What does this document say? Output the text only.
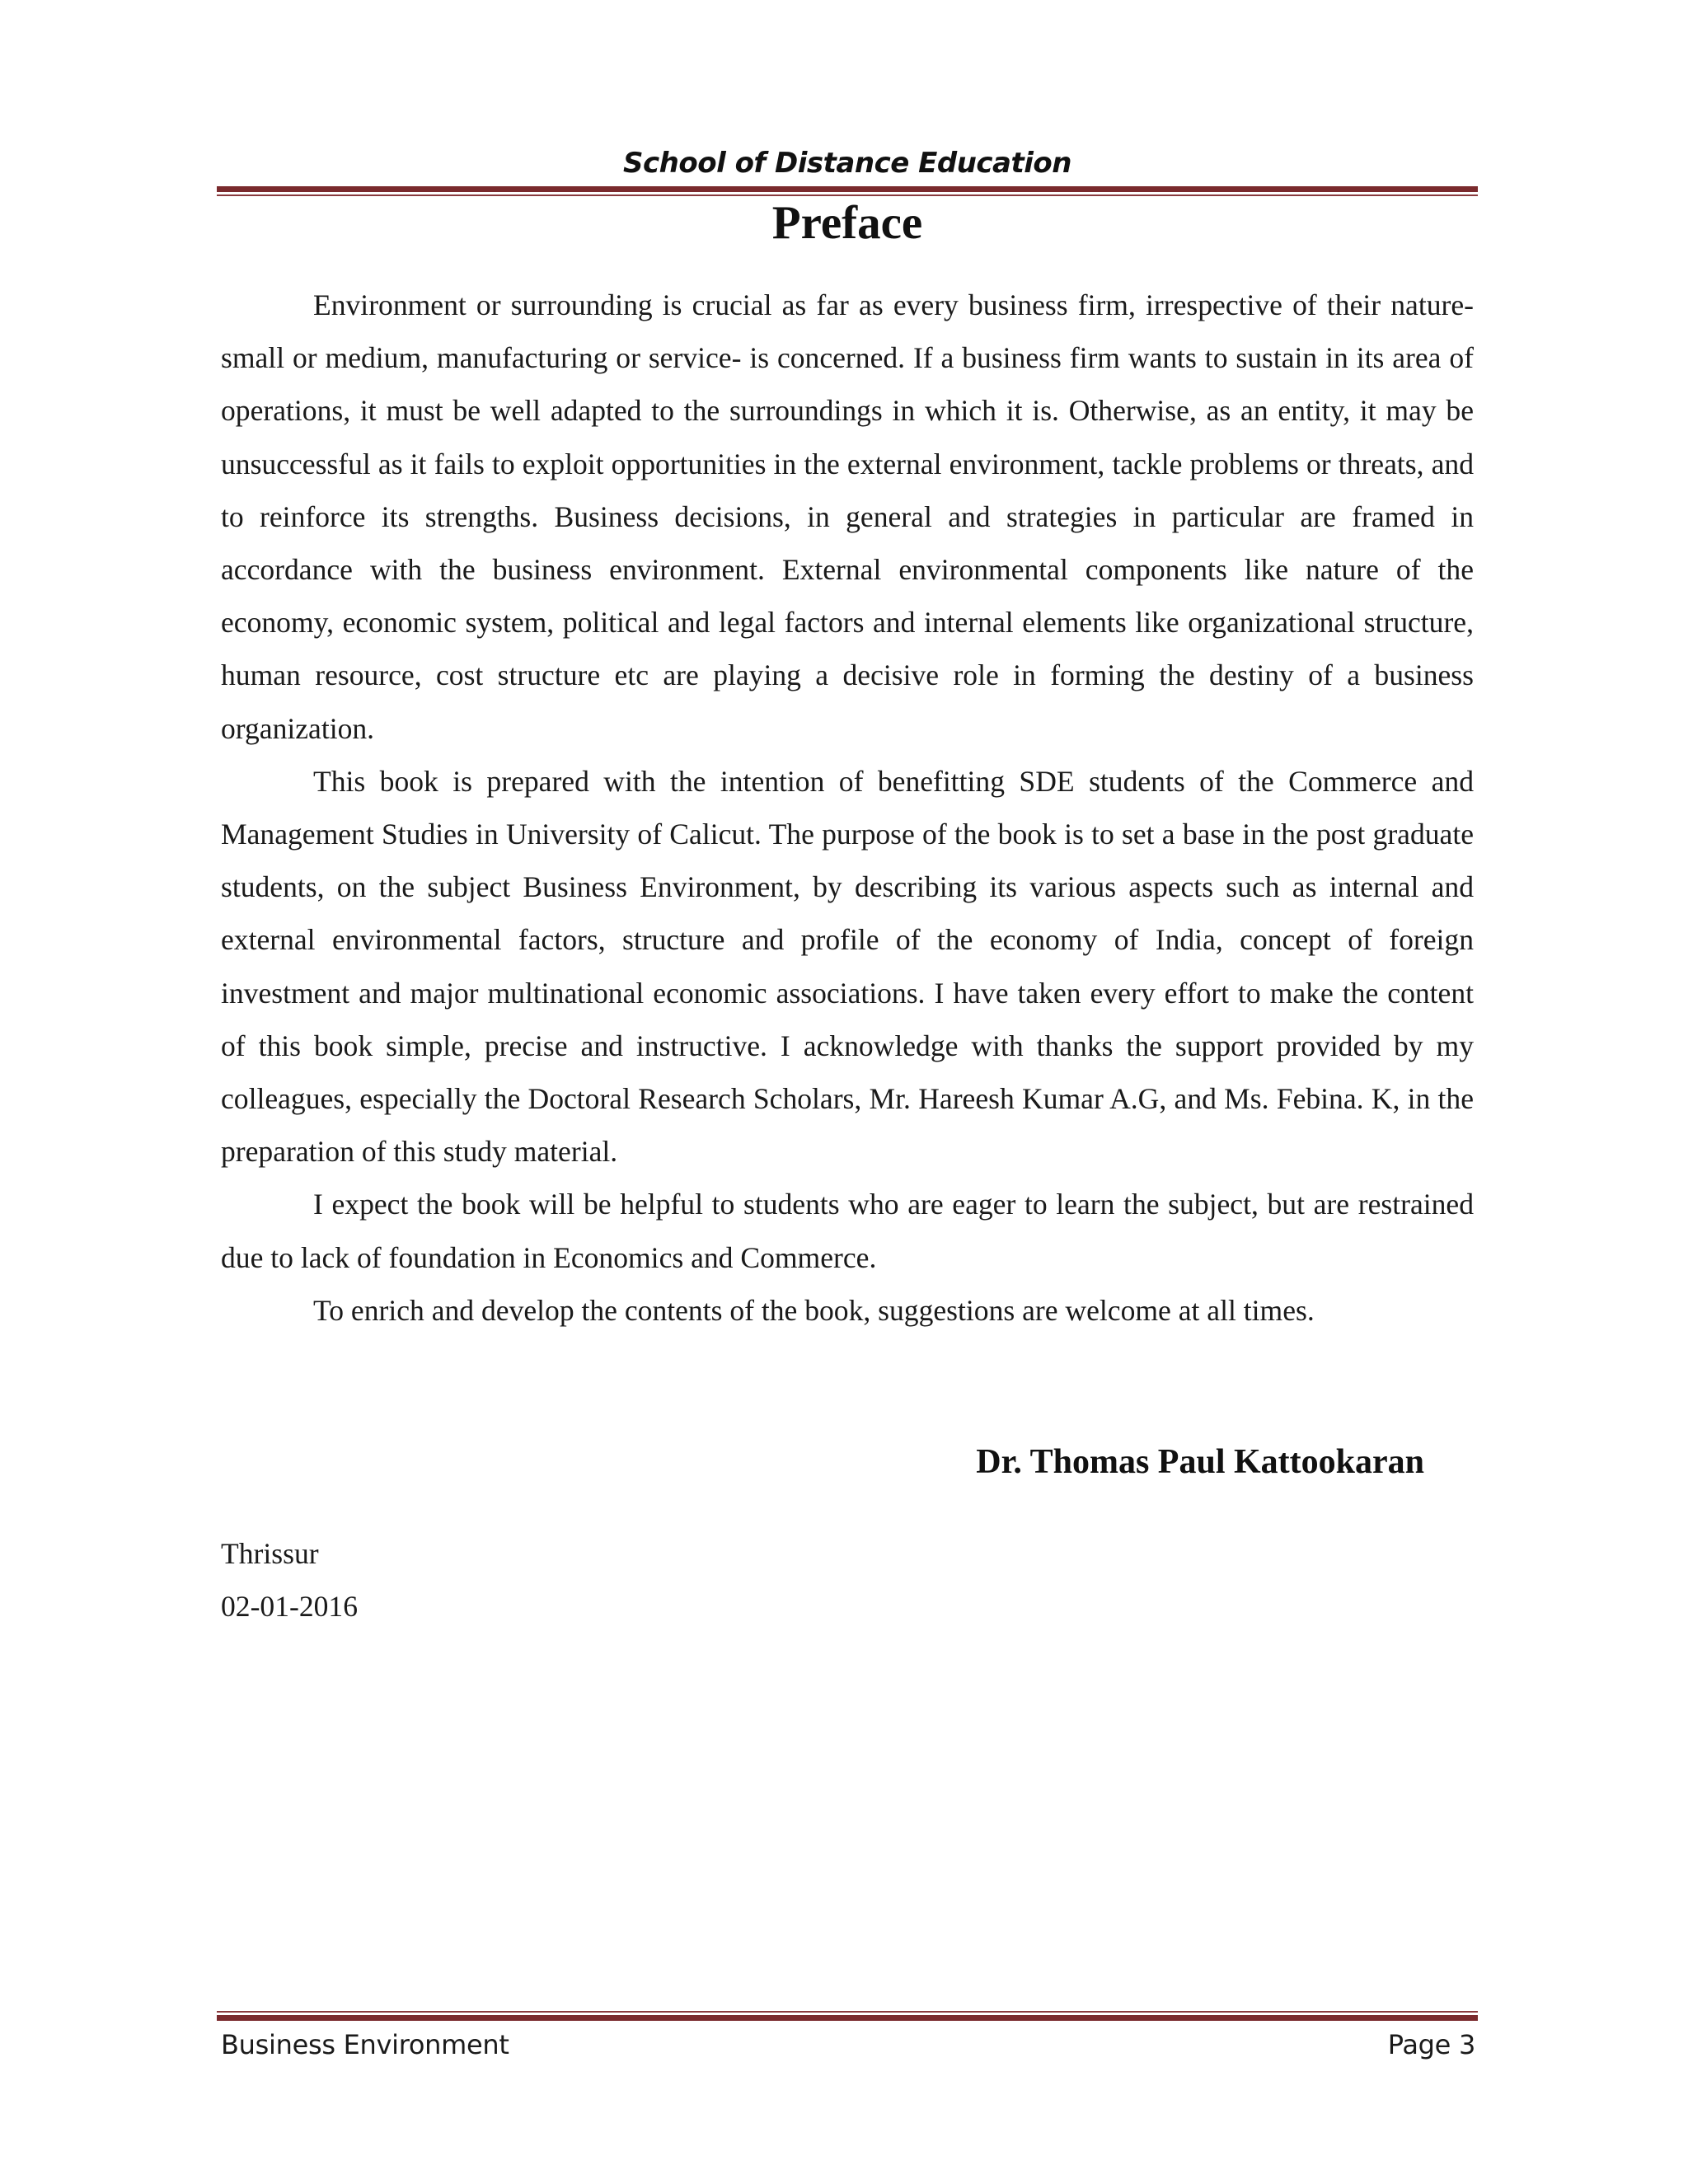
School of Distance Education
Preface

Environment or surrounding is crucial as far as every business firm, irrespective of their nature-small or medium, manufacturing or service- is concerned. If a business firm wants to sustain in its area of operations, it must be well adapted to the surroundings in which it is. Otherwise, as an entity, it may be unsuccessful as it fails to exploit opportunities in the external environment, tackle problems or threats, and to reinforce its strengths. Business decisions, in general and strategies in particular are framed in accordance with the business environment. External environmental components like nature of the economy, economic system, political and legal factors and internal elements like organizational structure, human resource, cost structure etc are playing a decisive role in forming the destiny of a business organization.

This book is prepared with the intention of benefitting SDE students of the Commerce and Management Studies in University of Calicut. The purpose of the book is to set a base in the post graduate students, on the subject Business Environment, by describing its various aspects such as internal and external environmental factors, structure and profile of the economy of India, concept of foreign investment and major multinational economic associations. I have taken every effort to make the content of this book simple, precise and instructive. I acknowledge with thanks the support provided by my colleagues, especially the Doctoral Research Scholars, Mr. Hareesh Kumar A.G, and Ms. Febina. K, in the preparation of this study material.

I expect the book will be helpful to students who are eager to learn the subject, but are restrained due to lack of foundation in Economics and Commerce.

To enrich and develop the contents of the book, suggestions are welcome at all times.

Dr. Thomas Paul Kattookaran
Thrissur
02-01-2016
Business Environment	Page 3
